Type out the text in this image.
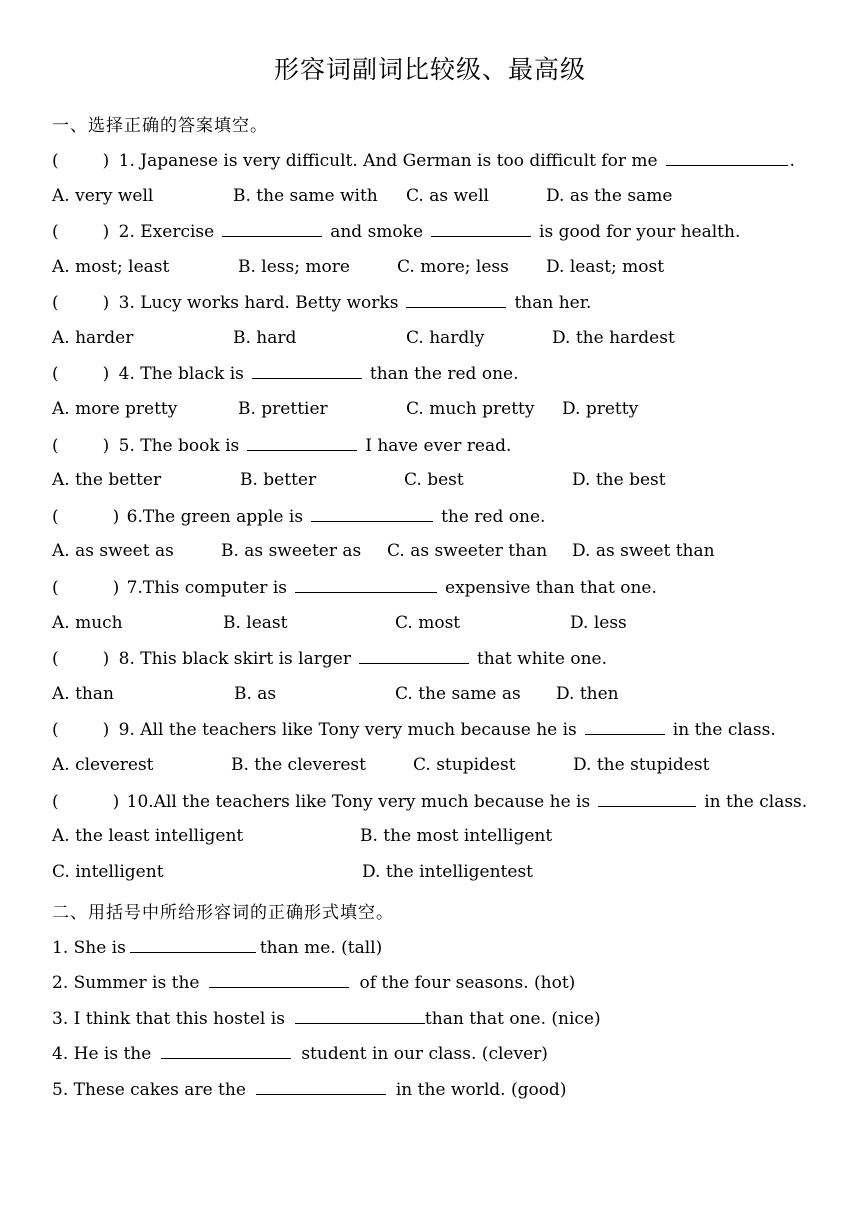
形容词副词比较级、最高级
一、选择正确的答案填空。
(	) 1. Japanese is very difficult. And German is too difficult for me	.
A. very well	B. the same with C. as well	D. as the same
(	) 2. Exercise	and smoke	is good for your health.
A. most; least	B. less; more	C. more; less D. least; most
(	) 3. Lucy works hard. Betty works	than her.
A. harder	B. hard	C. hardly	D. the hardest
(	) 4. The black is	than the red one.
A. more pretty	B. prettier	C. much pretty D. pretty
(	) 5. The book is	I have ever read.
A. the better	B. better	C. best	D. the best
(	) 6.The green apple is	the red one.
A. as sweet as	B. as sweeter as C. as sweeter than D. as sweet than
(	) 7.This computer is	expensive than that one.
A. much	B. least	C. most	D. less
(	) 8. This black skirt is larger	that white one.
A. than	B. as	C. the same as D. then
(	) 9. All the teachers like Tony very much because he is	in the class.
A. cleverest	B. the cleverest	C. stupidest	D. the stupidest
(	) 10.All the teachers like Tony very much because he is	in the class.
A. the least intelligent	B. the most intelligent
C. intelligent	D. the intelligentest
二、用括号中所给形容词的正确形式填空。
1. She is	than me. (tall)
2. Summer is the	of the four seasons. (hot)
3. I think that this hostel is	than that one. (nice)
4. He is the	student in our class. (clever)
5. These cakes are the	in the world. (good)
